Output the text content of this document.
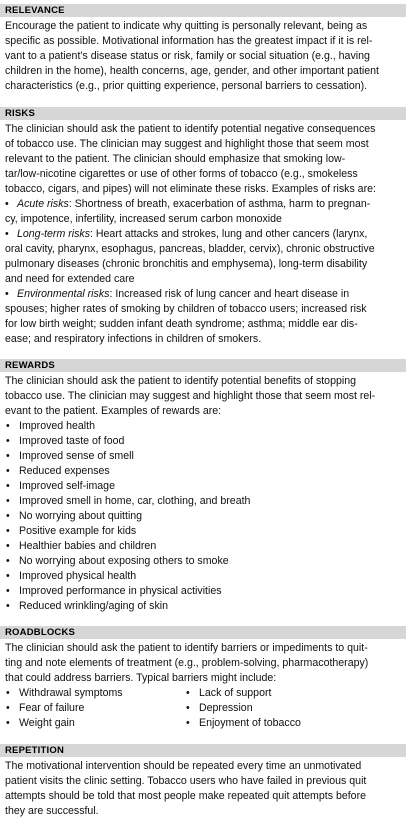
RELEVANCE
Encourage the patient to indicate why quitting is personally relevant, being as
specific as possible. Motivational information has the greatest impact if it is rel-
vant to a patient’s disease status or risk, family or social situation (e.g., having
children in the home), health concerns, age, gender, and other important patient
characteristics (e.g., prior quitting experience, personal barriers to cessation).
RISKS
The clinician should ask the patient to identify potential negative consequences
of tobacco use. The clinician may suggest and highlight those that seem most
relevant to the patient. The clinician should emphasize that smoking low-
tar/low-nicotine cigarettes or use of other forms of tobacco (e.g., smokeless
tobacco, cigars, and pipes) will not eliminate these risks. Examples of risks are:
• Acute risks: Shortness of breath, exacerbation of asthma, harm to pregnan-
cy, impotence, infertility, increased serum carbon monoxide
• Long-term risks: Heart attacks and strokes, lung and other cancers (larynx,
oral cavity, pharynx, esophagus, pancreas, bladder, cervix), chronic obstructive
pulmonary diseases (chronic bronchitis and emphysema), long-term disability
and need for extended care
• Environmental risks: Increased risk of lung cancer and heart disease in
spouses; higher rates of smoking by children of tobacco users; increased risk
for low birth weight; sudden infant death syndrome; asthma; middle ear dis-
ease; and respiratory infections in children of smokers.
REWARDS
The clinician should ask the patient to identify potential benefits of stopping
tobacco use. The clinician may suggest and highlight those that seem most rel-
evant to the patient. Examples of rewards are:
• Improved health
• Improved taste of food
• Improved sense of smell
• Reduced expenses
• Improved self-image
• Improved smell in home, car, clothing, and breath
• No worrying about quitting
• Positive example for kids
• Healthier babies and children
• No worrying about exposing others to smoke
• Improved physical health
• Improved performance in physical activities
• Reduced wrinkling/aging of skin
ROADBLOCKS
The clinician should ask the patient to identify barriers or impediments to quit-
ting and note elements of treatment (e.g., problem-solving, pharmacotherapy)
that could address barriers. Typical barriers might include:
• Withdrawal symptoms
• Fear of failure
• Weight gain
• Lack of support
• Depression
• Enjoyment of tobacco
REPETITION
The motivational intervention should be repeated every time an unmotivated
patient visits the clinic setting. Tobacco users who have failed in previous quit
attempts should be told that most people make repeated quit attempts before
they are successful.
